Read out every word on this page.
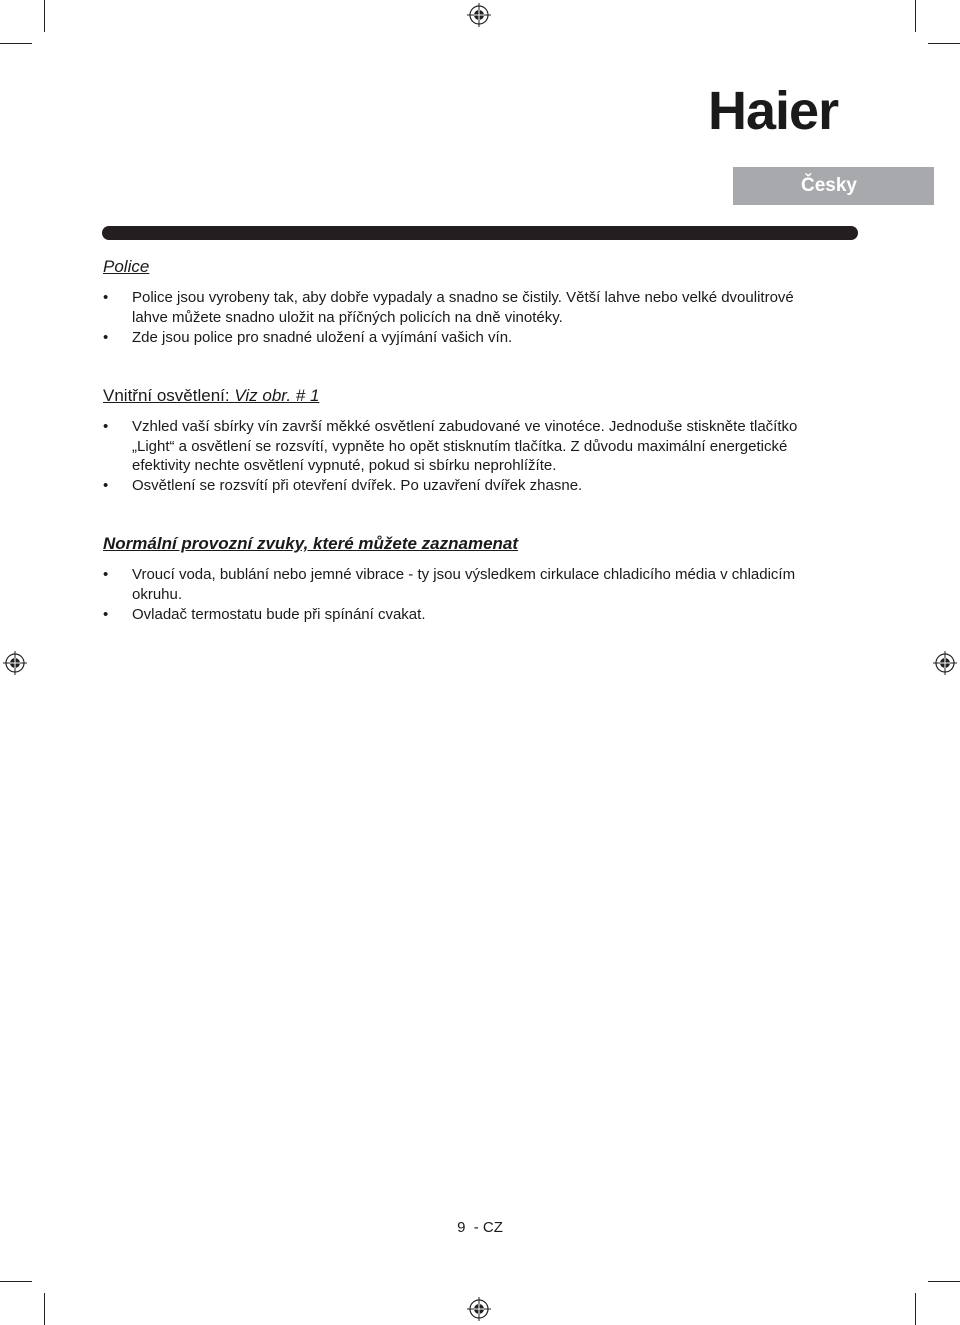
Haier
Česky
Police
• Police jsou vyrobeny tak, aby dobře vypadaly a snadno se čistily. Větší lahve nebo velké dvoulitrové lahve můžete snadno uložit na příčných policích na dně vinotéky.
• Zde jsou police pro snadné uložení a vyjímání vašich vín.
Vnitřní osvětlení: Viz obr. # 1
• Vzhled vaší sbírky vín završí měkké osvětlení zabudované ve vinotéce. Jednoduše stiskněte tlačítko „Light“ a osvětlení se rozsvítí, vypněte ho opět stisknutím tlačítka. Z důvodu maximální energetické efektivity nechte osvětlení vypnuté, pokud si sbírku neprohlížíte.
• Osvětlení se rozsvítí při otevření dvířek. Po uzavření dvířek zhasne.
Normální provozní zvuky, které můžete zaznamenat
• Vroucí voda, bublání nebo jemné vibrace - ty jsou výsledkem cirkulace chladicího média v chladicím okruhu.
• Ovladač termostatu bude při spínání cvakat.
9  - CZ
